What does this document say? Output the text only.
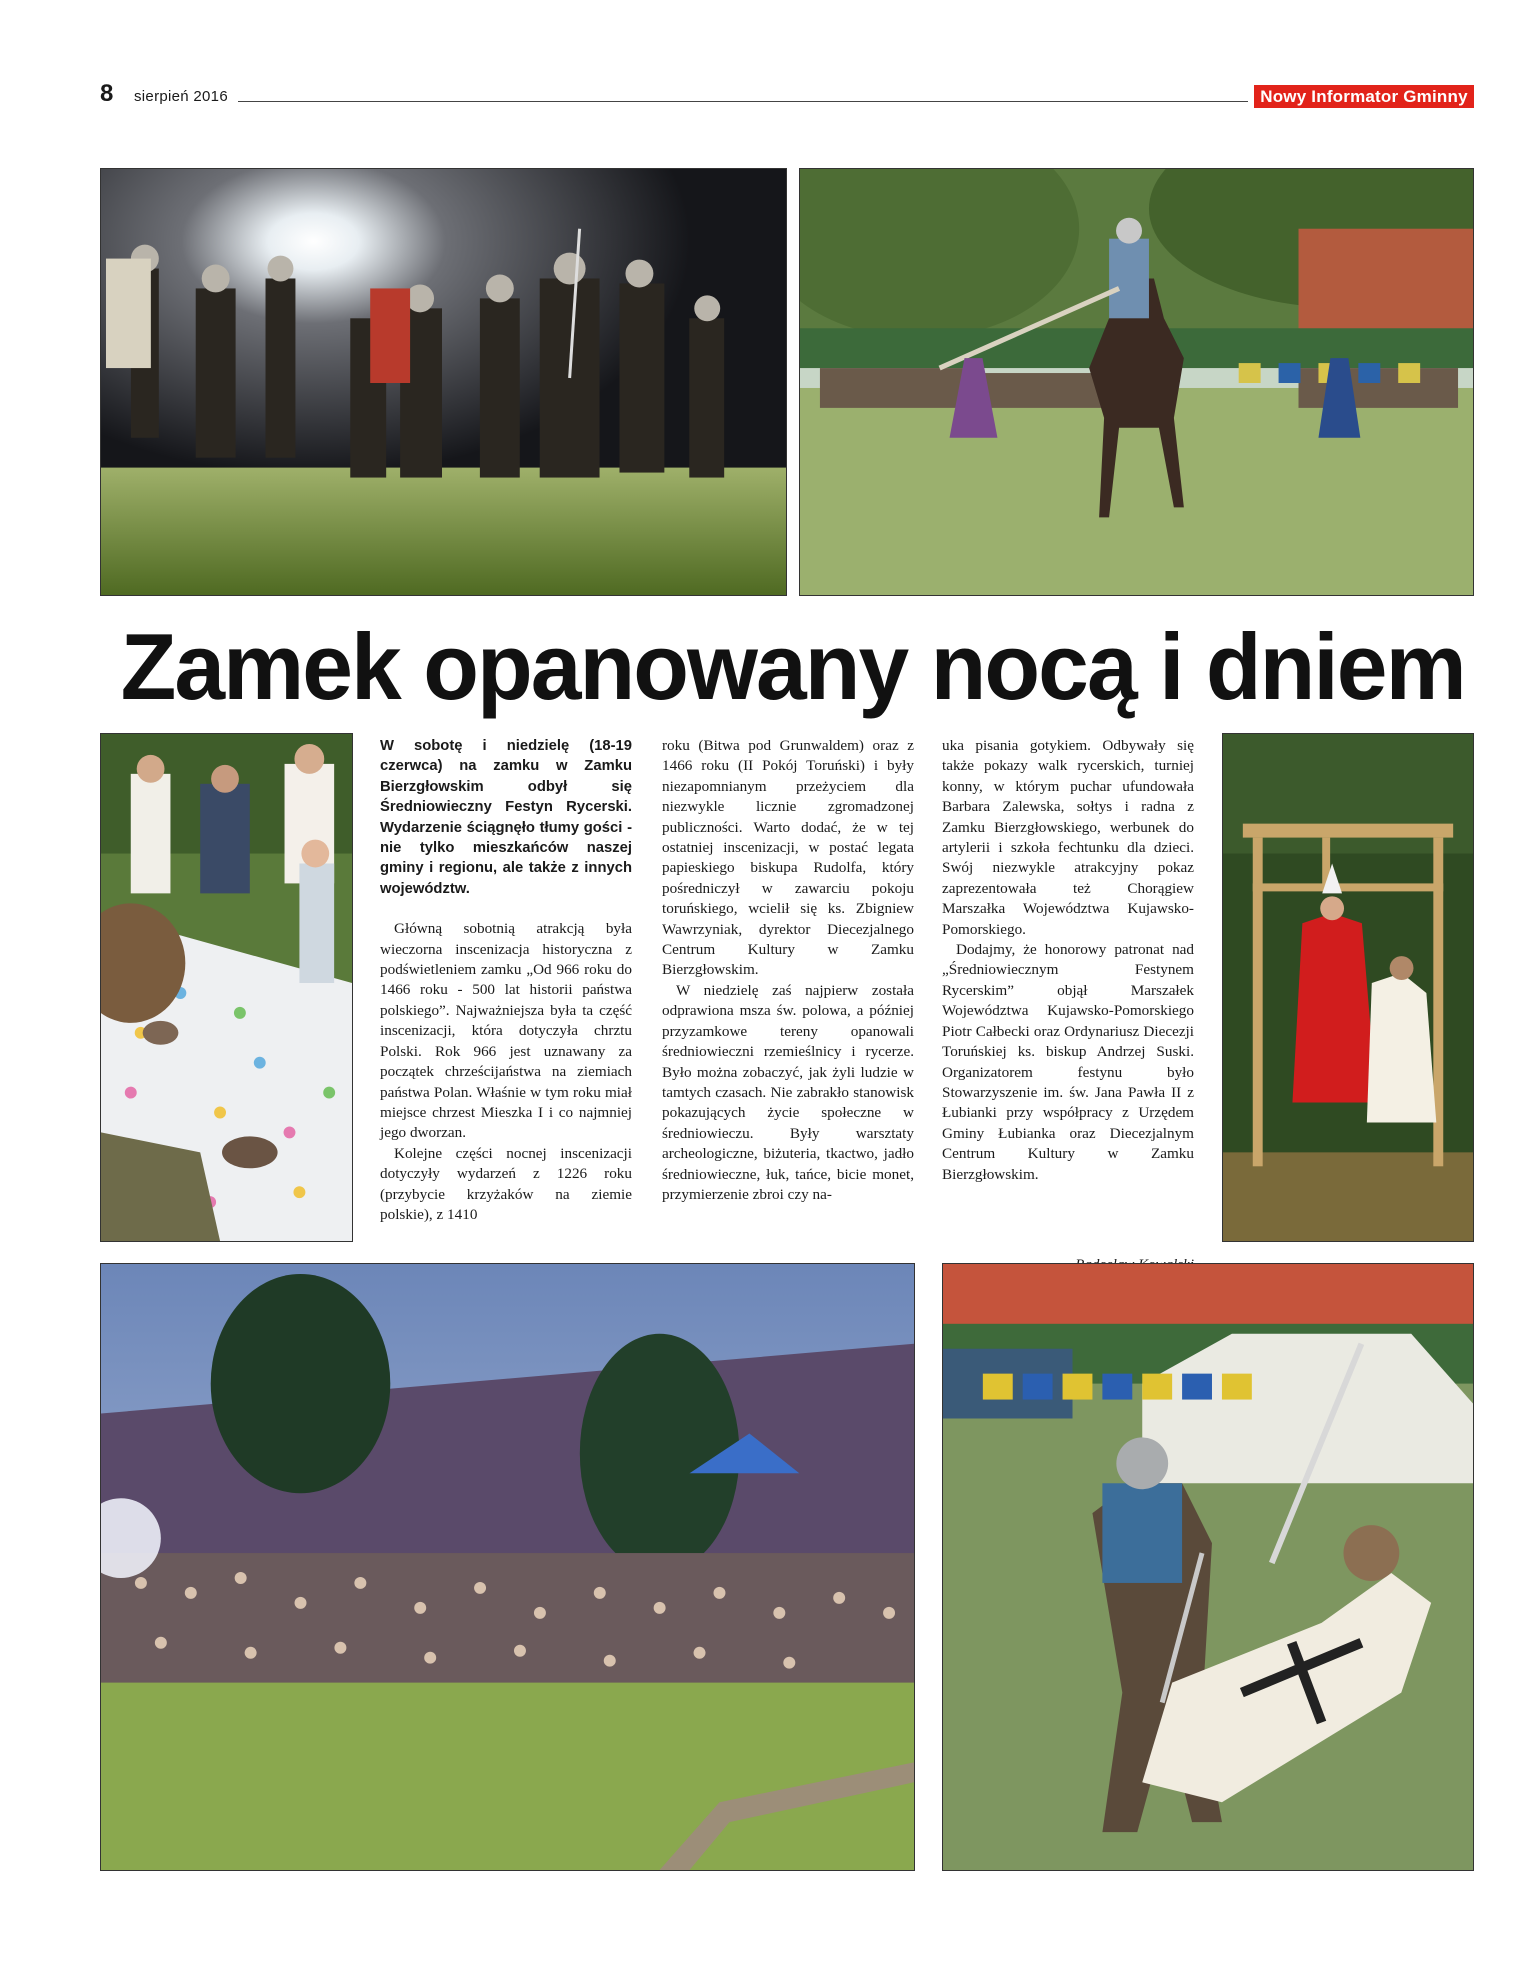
8 sierpień 2016	Nowy Informator Gminny
Zamek opanowany nocą i dniem

W sobotę i niedzielę (18-19 czerwca) na zamku w Zamku Bierzgłowskim odbył się Średniowieczny Festyn Rycerski. Wydarzenie ściągnęło tłumy gości - nie tylko mieszkańców naszej gminy i regionu, ale także z innych województw.

Główną sobotnią atrakcją była wieczorna inscenizacja historyczna z podświetleniem zamku „Od 966 roku do 1466 roku - 500 lat historii państwa polskiego”. Najważniejsza była ta część inscenizacji, która dotyczyła chrztu Polski. Rok 966 jest uznawany za początek chrześcijaństwa na ziemiach państwa Polan. Właśnie w tym roku miał miejsce chrzest Mieszka I i co najmniej jego dworzan.

Kolejne części nocnej inscenizacji dotyczyły wydarzeń z 1226 roku (przybycie krzyżaków na ziemie polskie), z 1410

roku (Bitwa pod Grunwaldem) oraz z 1466 roku (II Pokój Toruński) i były niezapomnianym przeżyciem dla niezwykle licznie zgromadzonej publiczności. Warto dodać, że w tej ostatniej inscenizacji, w postać legata papieskiego biskupa Rudolfa, który pośredniczył w zawarciu pokoju toruńskiego, wcielił się ks. Zbigniew Wawrzyniak, dyrektor Diecezjalnego Centrum Kultury w Zamku Bierzgłowskim.

W niedzielę zaś najpierw została odprawiona msza św. polowa, a później przyzamkowe tereny opanowali średniowieczni rzemieślnicy i rycerze. Było można zobaczyć, jak żyli ludzie w tamtych czasach. Nie zabrakło stanowisk pokazujących życie społeczne w średniowieczu. Były warsztaty archeologiczne, biżuteria, tkactwo, jadło średniowieczne, łuk, tańce, bicie monet, przymierzenie zbroi czy na-

uka pisania gotykiem. Odbywały się także pokazy walk rycerskich, turniej konny, w którym puchar ufundowała Barbara Zalewska, sołtys i radna z Zamku Bierzgłowskiego, werbunek do artylerii i szkoła fechtunku dla dzieci. Swój niezwykle atrakcyjny pokaz zaprezentowała też Chorągiew Marszałka Województwa Kujawsko-Pomorskiego.

Dodajmy, że honorowy patronat nad „Średniowiecznym Festynem Rycerskim” objął Marszałek Województwa Kujawsko-Pomorskiego Piotr Całbecki oraz Ordynariusz Diecezji Toruńskiej ks. biskup Andrzej Suski. Organizatorem festynu było Stowarzyszenie im. św. Jana Pawła II z Łubianki przy współpracy z Urzędem Gminy Łubianka oraz Diecezjalnym Centrum Kultury w Zamku Bierzgłowskim.
